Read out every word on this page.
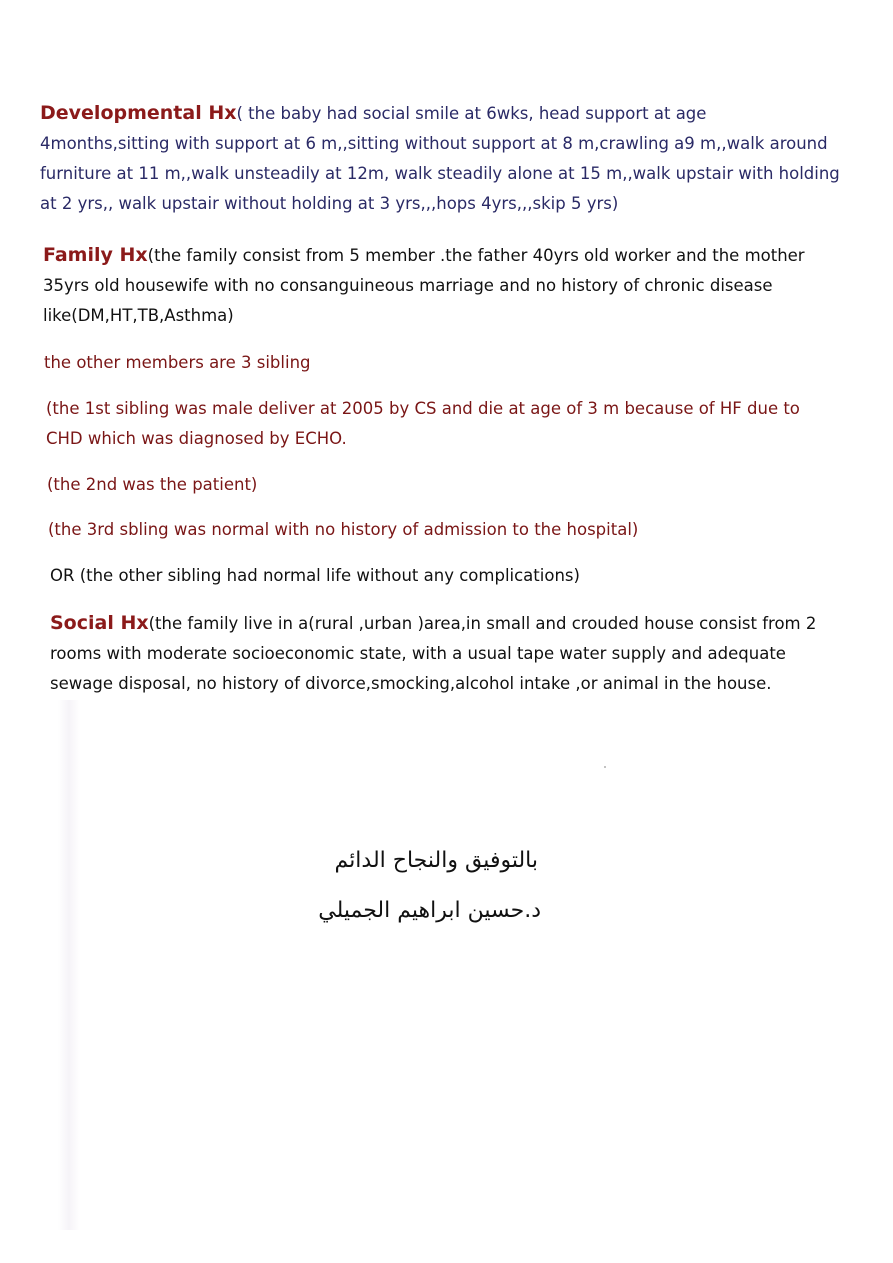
Developmental Hx( the baby had social smile at 6wks, head support at age 4months,sitting with support at 6 m,,sitting without support at 8 m,crawling a9 m,,walk around furniture at 11 m,,walk unsteadily at 12m, walk steadily alone at 15 m,,walk upstair with holding at 2 yrs,, walk upstair without holding at 3 yrs,,,hops 4yrs,,,skip 5 yrs)

Family Hx(the family consist from 5 member .the father 40yrs old worker and the mother 35yrs old housewife with no consanguineous marriage and no history of chronic disease like(DM,HT,TB,Asthma)

the other members are 3 sibling

(the 1st sibling was male deliver at 2005 by CS and die at age of 3 m because of HF due to CHD which was diagnosed by ECHO.

(the 2nd was the patient)

(the 3rd sbling was normal with no history of admission to the hospital)

OR (the other sibling had normal life without any complications)

Social Hx(the family live in a(rural ,urban )area,in small and crouded house consist from 2 rooms with moderate socioeconomic state, with a usual tape water supply and adequate sewage disposal, no history of divorce,smocking,alcohol intake ,or animal in the house.

بالتوفيق والنجاح الدائم
د.حسين ابراهيم الجميلي
